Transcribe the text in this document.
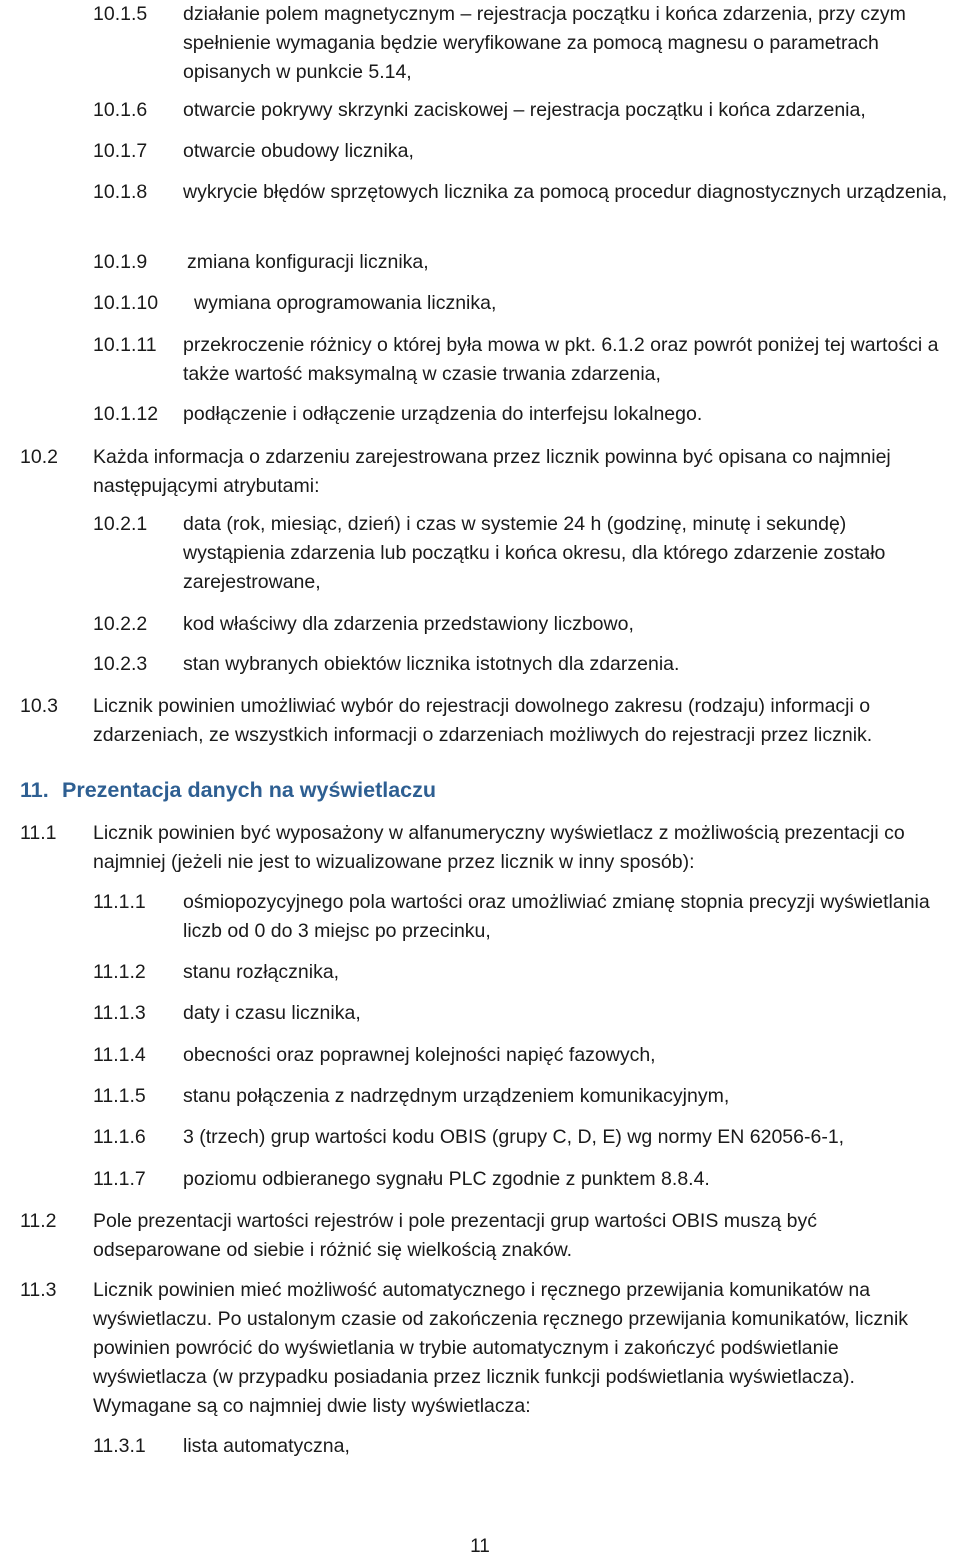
10.1.5	działanie polem magnetycznym – rejestracja początku i końca zdarzenia, przy czym spełnienie wymagania będzie weryfikowane za pomocą magnesu o parametrach opisanych w punkcie 5.14,
10.1.6	otwarcie pokrywy skrzynki zaciskowej – rejestracja początku i końca zdarzenia,
10.1.7	otwarcie obudowy licznika,
10.1.8	wykrycie błędów sprzętowych licznika za pomocą procedur diagnostycznych urządzenia,
10.1.9	zmiana konfiguracji licznika,
10.1.10	wymiana oprogramowania licznika,
10.1.11	przekroczenie różnicy o której była mowa w pkt. 6.1.2 oraz powrót poniżej tej wartości a także wartość maksymalną w czasie trwania zdarzenia,
10.1.12	podłączenie i odłączenie urządzenia do interfejsu lokalnego.
10.2	Każda informacja o zdarzeniu zarejestrowana przez licznik powinna być opisana co najmniej następującymi atrybutami:
10.2.1	data (rok, miesiąc, dzień) i czas w systemie 24 h (godzinę, minutę i sekundę) wystąpienia zdarzenia lub początku i końca okresu, dla którego zdarzenie zostało zarejestrowane,
10.2.2	kod właściwy dla zdarzenia przedstawiony liczbowo,
10.2.3	stan wybranych obiektów licznika istotnych dla zdarzenia.
10.3	Licznik powinien umożliwiać wybór do rejestracji dowolnego zakresu (rodzaju) informacji o zdarzeniach, ze wszystkich informacji o zdarzeniach możliwych do rejestracji przez licznik.
11. Prezentacja danych na wyświetlaczu
11.1	Licznik powinien być wyposażony w alfanumeryczny wyświetlacz z możliwością prezentacji co najmniej (jeżeli nie jest to wizualizowane przez licznik w inny sposób):
11.1.1	ośmiopozycyjnego pola wartości oraz umożliwiać zmianę stopnia precyzji wyświetlania liczb od 0 do 3 miejsc po przecinku,
11.1.2	stanu rozłącznika,
11.1.3	daty i czasu licznika,
11.1.4	obecności oraz poprawnej kolejności napięć fazowych,
11.1.5	stanu połączenia z nadrzędnym urządzeniem komunikacyjnym,
11.1.6	3 (trzech) grup wartości kodu OBIS (grupy C, D, E) wg normy EN 62056-6-1,
11.1.7	poziomu odbieranego sygnału PLC zgodnie z punktem 8.8.4.
11.2	Pole prezentacji wartości rejestrów i pole prezentacji grup wartości OBIS muszą być odseparowane od siebie i różnić się wielkością znaków.
11.3	Licznik powinien mieć możliwość automatycznego i ręcznego przewijania komunikatów na wyświetlaczu. Po ustalonym czasie od zakończenia ręcznego przewijania komunikatów, licznik powinien powrócić do wyświetlania w trybie automatycznym i zakończyć podświetlanie wyświetlacza (w przypadku posiadania przez licznik funkcji podświetlania wyświetlacza). Wymagane są co najmniej dwie listy wyświetlacza:
11.3.1	lista automatyczna,
11
